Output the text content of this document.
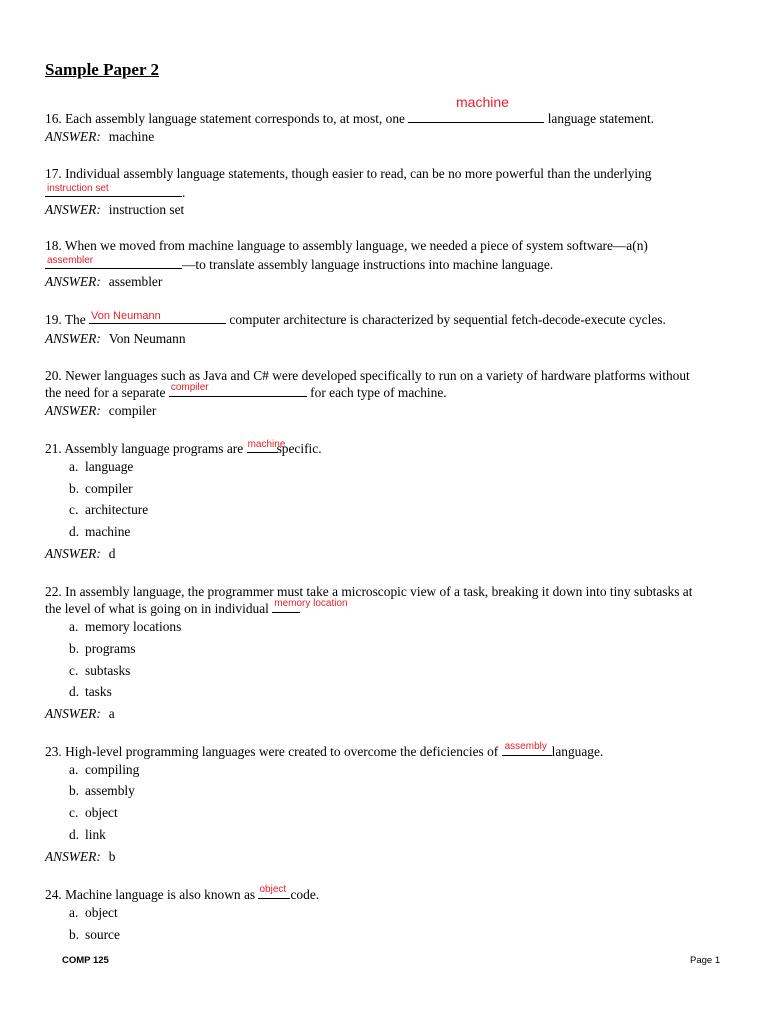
Sample Paper 2
machine
16. Each assembly language statement corresponds to, at most, one	language statement.
ANSWER: machine
17. Individual assembly language statements, though easier to read, can be no more powerful than the underlying
instruction set	.
ANSWER: instruction set
18. When we moved from machine language to assembly language, we needed a piece of system software—a(n)
assembler	—to translate assembly language instructions into machine language.
ANSWER: assembler
19. The Von Neumann	computer architecture is characterized by sequential fetch-decode-execute cycles.
ANSWER: Von Neumann
20. Newer languages such as Java and C# were developed specifically to run on a variety of hardware platforms without
the need for a separate compiler	for each type of machine.
ANSWER: compiler
21. Assembly language programs are machine
specific.
a. language
b. compiler
c. architecture
d. machine
ANSWER: d
22. In assembly language, the programmer must take a microscopic view of a task, breaking it down into tiny subtasks at
the level of what is going on in individual memory location
a. memory locations
b. programs
c. subtasks
d. tasks
ANSWER: a
23. High-level programming languages were created to overcome the deficiencies of assembly language.
a. compiling
b. assembly
c. object
d. link
ANSWER: b
24. Machine language is also known as object code.
a. object
b. source
COMP 125	Page 1
